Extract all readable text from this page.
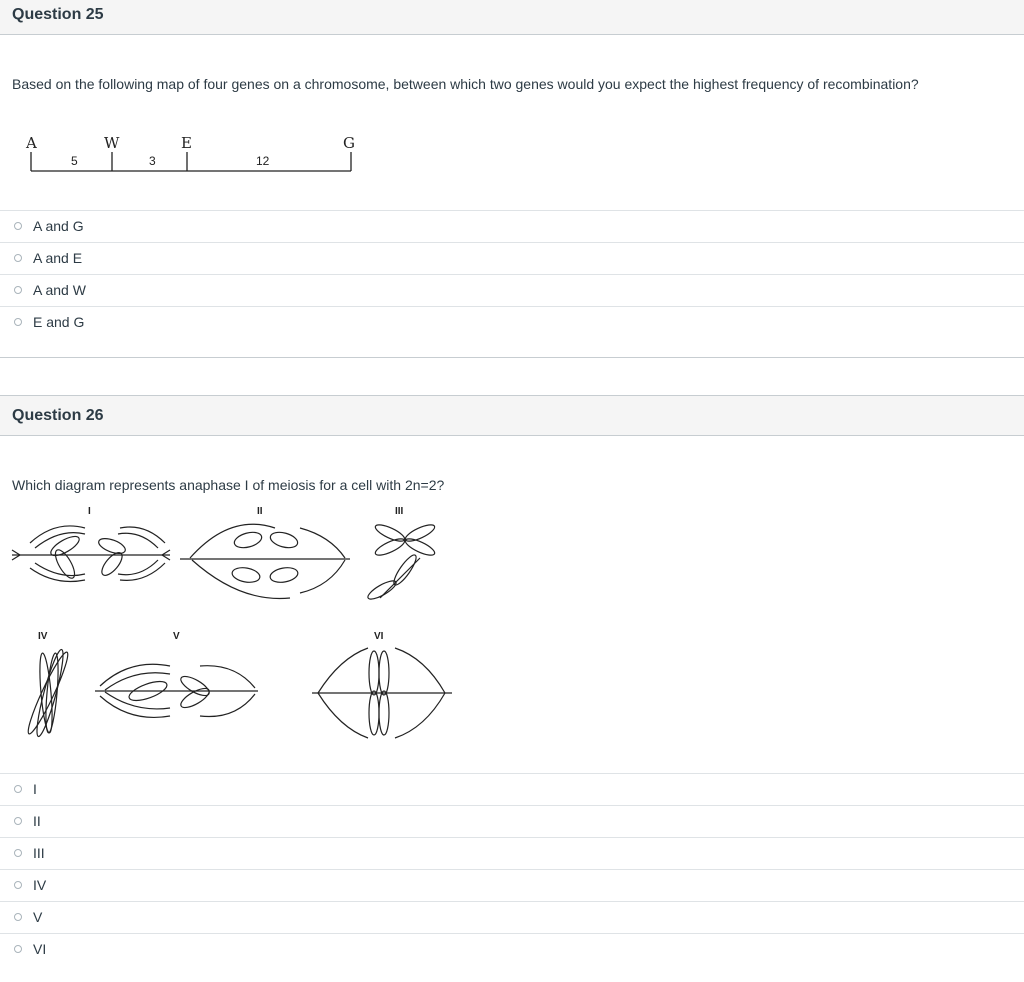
Question 25
Based on the following map of four genes on a chromosome, between which two genes would you expect the highest frequency of recombination?
A	W	E	G
5	3	12
A and G
A and E
A and W
E and G
Question 26
Which diagram represents anaphase I of meiosis for a cell with 2n=2?
I	II	III
IV	V	VI
I
II
III
IV
V
VI
